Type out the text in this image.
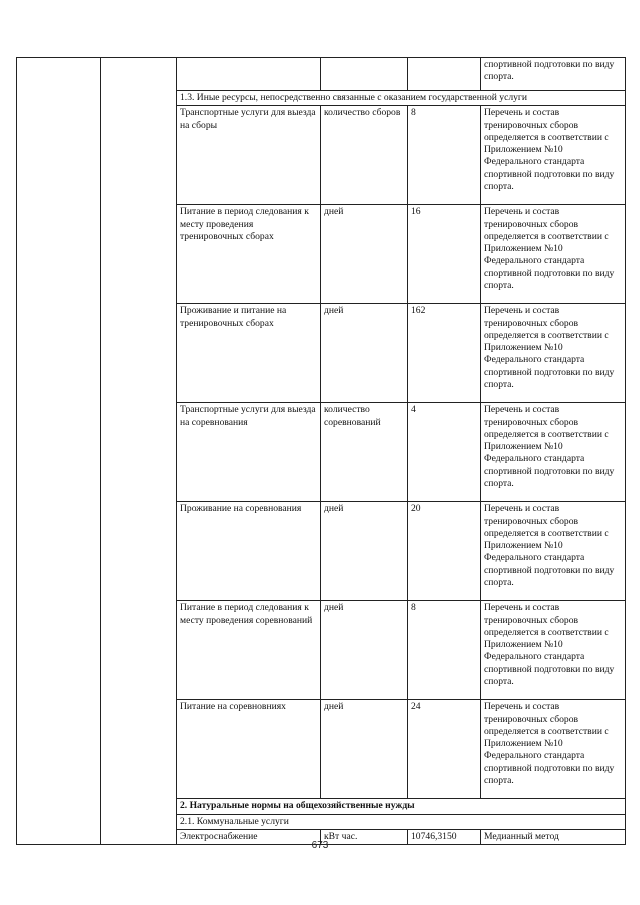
					спортивной подготовки по виду спорта.
		1.3. Иные ресурсы, непосредственно связанные с оказанием государственной услуги			
		Транспортные услуги для выезда на сборы	количество сборов	8	Перечень и состав тренировочных сборов определяется в соответствии с Приложением №10 Федерального стандарта спортивной подготовки по виду спорта.
		Питание в период следования к месту проведения тренировочных сборах	дней	16	Перечень и состав тренировочных сборов определяется в соответствии с Приложением №10 Федерального стандарта спортивной подготовки по виду спорта.
		Проживание и питание на тренировочных сборах	дней	162	Перечень и состав тренировочных сборов определяется в соответствии с Приложением №10 Федерального стандарта спортивной подготовки по виду спорта.
		Транспортные услуги для выезда на соревнования	количество соревнований	4	Перечень и состав тренировочных сборов определяется в соответствии с Приложением №10 Федерального стандарта спортивной подготовки по виду спорта.
		Проживание на соревнования	дней	20	Перечень и состав тренировочных сборов определяется в соответствии с Приложением №10 Федерального стандарта спортивной подготовки по виду спорта.
		Питание в период следования к месту проведения соревнований	дней	8	Перечень и состав тренировочных сборов определяется в соответствии с Приложением №10 Федерального стандарта спортивной подготовки по виду спорта.
		Питание на соревновниях	дней	24	Перечень и состав тренировочных сборов определяется в соответствии с Приложением №10 Федерального стандарта спортивной подготовки по виду спорта.
		2. Натуральные нормы на общехозяйственные нужды			
		2.1. Коммунальные услуги			
		Электроснабжение	кВт час.	10746,3150	Медианный метод
673
